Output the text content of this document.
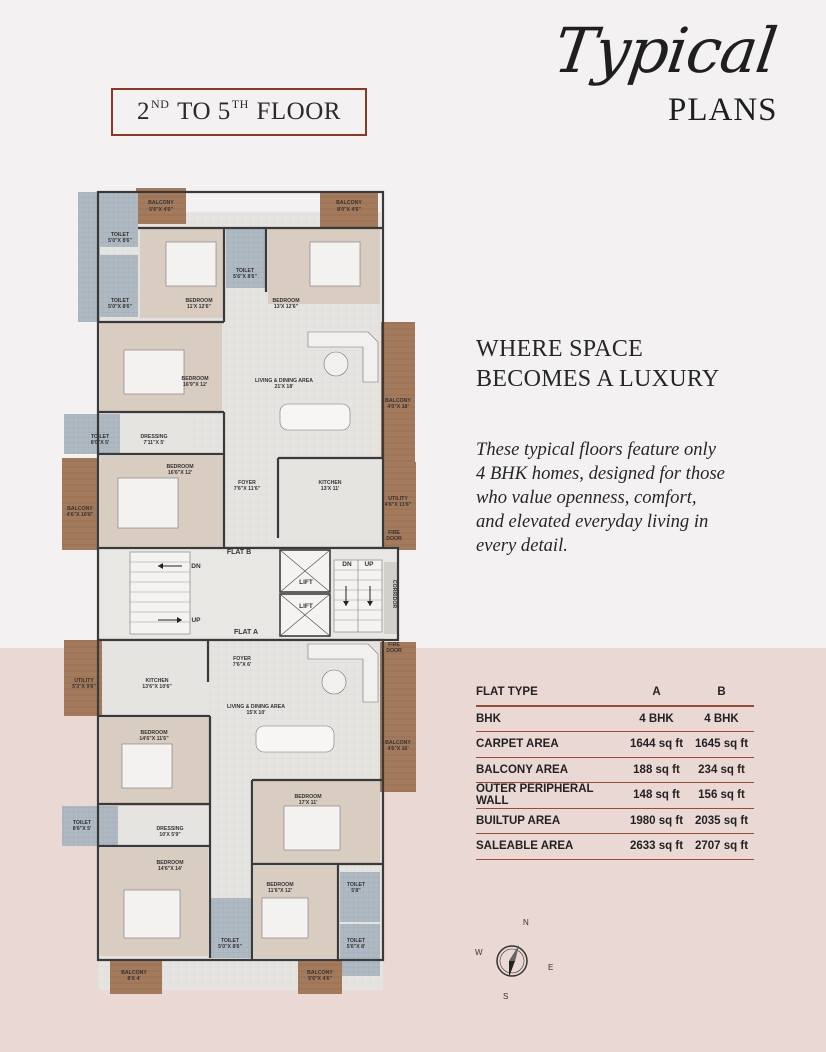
2ND
TO
5TH
FLOOR
Typical
PLANS
WHERE SPACE
BECOMES A LUXURY
These typical floors feature only
4 BHK homes, designed for those
who value openness, comfort,
and elevated everyday living in
every detail.
FLAT TYPE	A	B
BHK	4 BHK	4 BHK
CARPET AREA	1644 sq ft	1645 sq ft
BALCONY AREA	188 sq ft	234 sq ft
OUTER PERIPHERAL WALL	148 sq ft	156 sq ft
BUILTUP AREA	1980 sq ft	2035 sq ft
SALEABLE AREA	2633 sq ft	2707 sq ft
BALCONY
5'6"X 4'6"
BALCONY
8'0"X 4'6"
TOILET
5'0"X 8'6"
TOILET
5'0"X 8'6"
TOILET
5'6"X 8'6"
BEDROOM
11'X 12'6"
BEDROOM
13'X 12'6"
BEDROOM
16'9"X 12'
LIVING & DINING AREA
21'X 18'
BALCONY
4'0"X 18'
TOILET
8'0"X 5'
DRESSING
7'11"X 5'
BEDROOM
16'6"X 12'
FOYER
7'6"X 11'6"
KITCHEN
13'X 11'
UTILITY
4'6"X 11'6"
BALCONY
4'6"X 10'6"
FIRE
DOOR
FLAT B
FLAT A
LIFT
LIFT
DN
UP
DN UP
CORRIDOR
FIRE
DOOR
UTILITY
5'3"X 9'6"
KITCHEN
13'6"X 10'6"
FOYER
7'6"X 6'
LIVING & DINING AREA
15'X 10'
BALCONY
4'6"X 16'
BEDROOM
14'6"X 11'6"
BEDROOM
17'X 11'
TOILET
8'6"X 5'	DRESSING
10'X 5'9"
BEDROOM
14'6"X 14'
BEDROOM
11'6"X 12'
TOILET
5'8"
TOILET
5'0"X 8'6"
TOILET
5'6"X 8'
BALCONY
8'X 4'
BALCONY
5'6"X 4'6"
N
E
S
W
